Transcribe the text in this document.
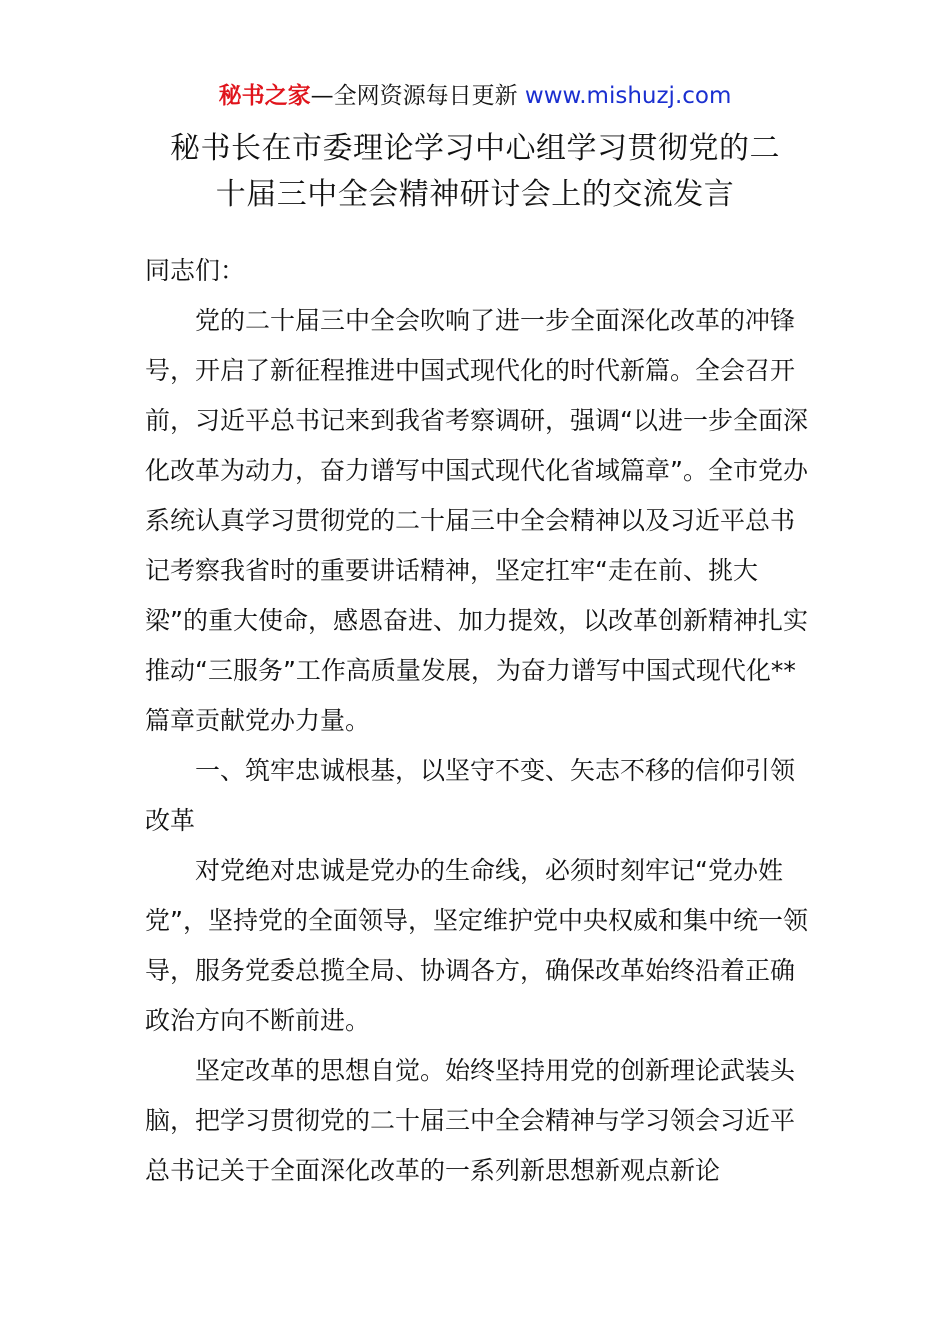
秘书之家—全网资源每日更新 www.mishuzj.com
秘书长在市委理论学习中心组学习贯彻党的二
十届三中全会精神研讨会上的交流发言

同志们：

党的二十届三中全会吹响了进一步全面深化改革的冲锋号，开启了新征程推进中国式现代化的时代新篇。全会召开前，习近平总书记来到我省考察调研，强调“以进一步全面深化改革为动力，奋力谱写中国式现代化省域篇章”。全市党办系统认真学习贯彻党的二十届三中全会精神以及习近平总书记考察我省时的重要讲话精神，坚定扛牢“走在前、挑大梁”的重大使命，感恩奋进、加力提效，以改革创新精神扎实推动“三服务”工作高质量发展，为奋力谱写中国式现代化**篇章贡献党办力量。

一、筑牢忠诚根基，以坚守不变、矢志不移的信仰引领改革

对党绝对忠诚是党办的生命线，必须时刻牢记“党办姓党”，坚持党的全面领导，坚定维护党中央权威和集中统一领导，服务党委总揽全局、协调各方，确保改革始终沿着正确政治方向不断前进。

坚定改革的思想自觉。始终坚持用党的创新理论武装头脑，把学习贯彻党的二十届三中全会精神与学习领会习近平总书记关于全面深化改革的一系列新思想新观点新论
